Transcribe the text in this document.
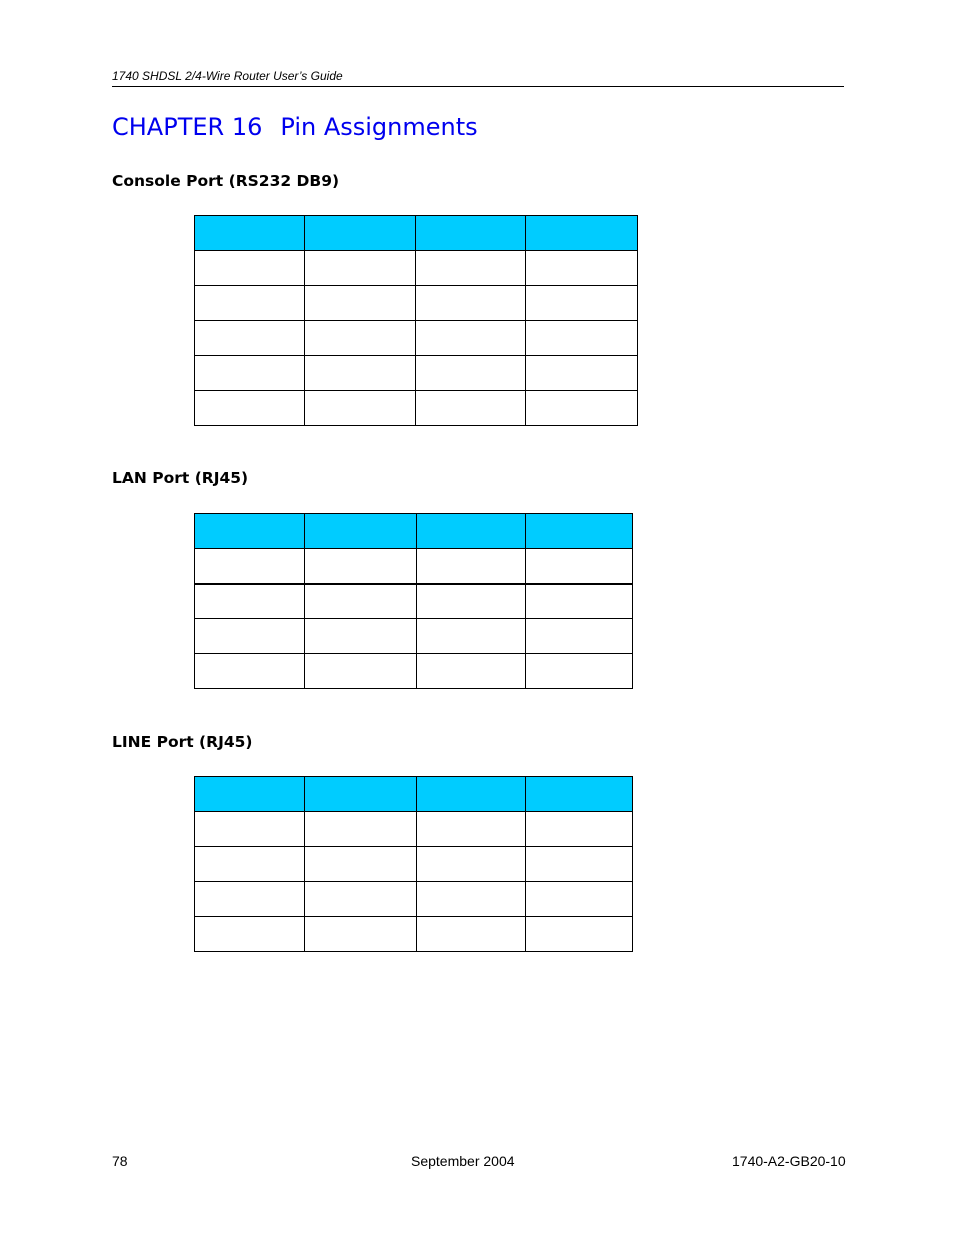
1740 SHDSL 2/4-Wire Router User’s Guide
CHAPTER 16 Pin Assignments
Console Port (RS232 DB9)

LAN Port (RJ45)

LINE Port (RJ45)

78	September 2004	1740-A2-GB20-10
